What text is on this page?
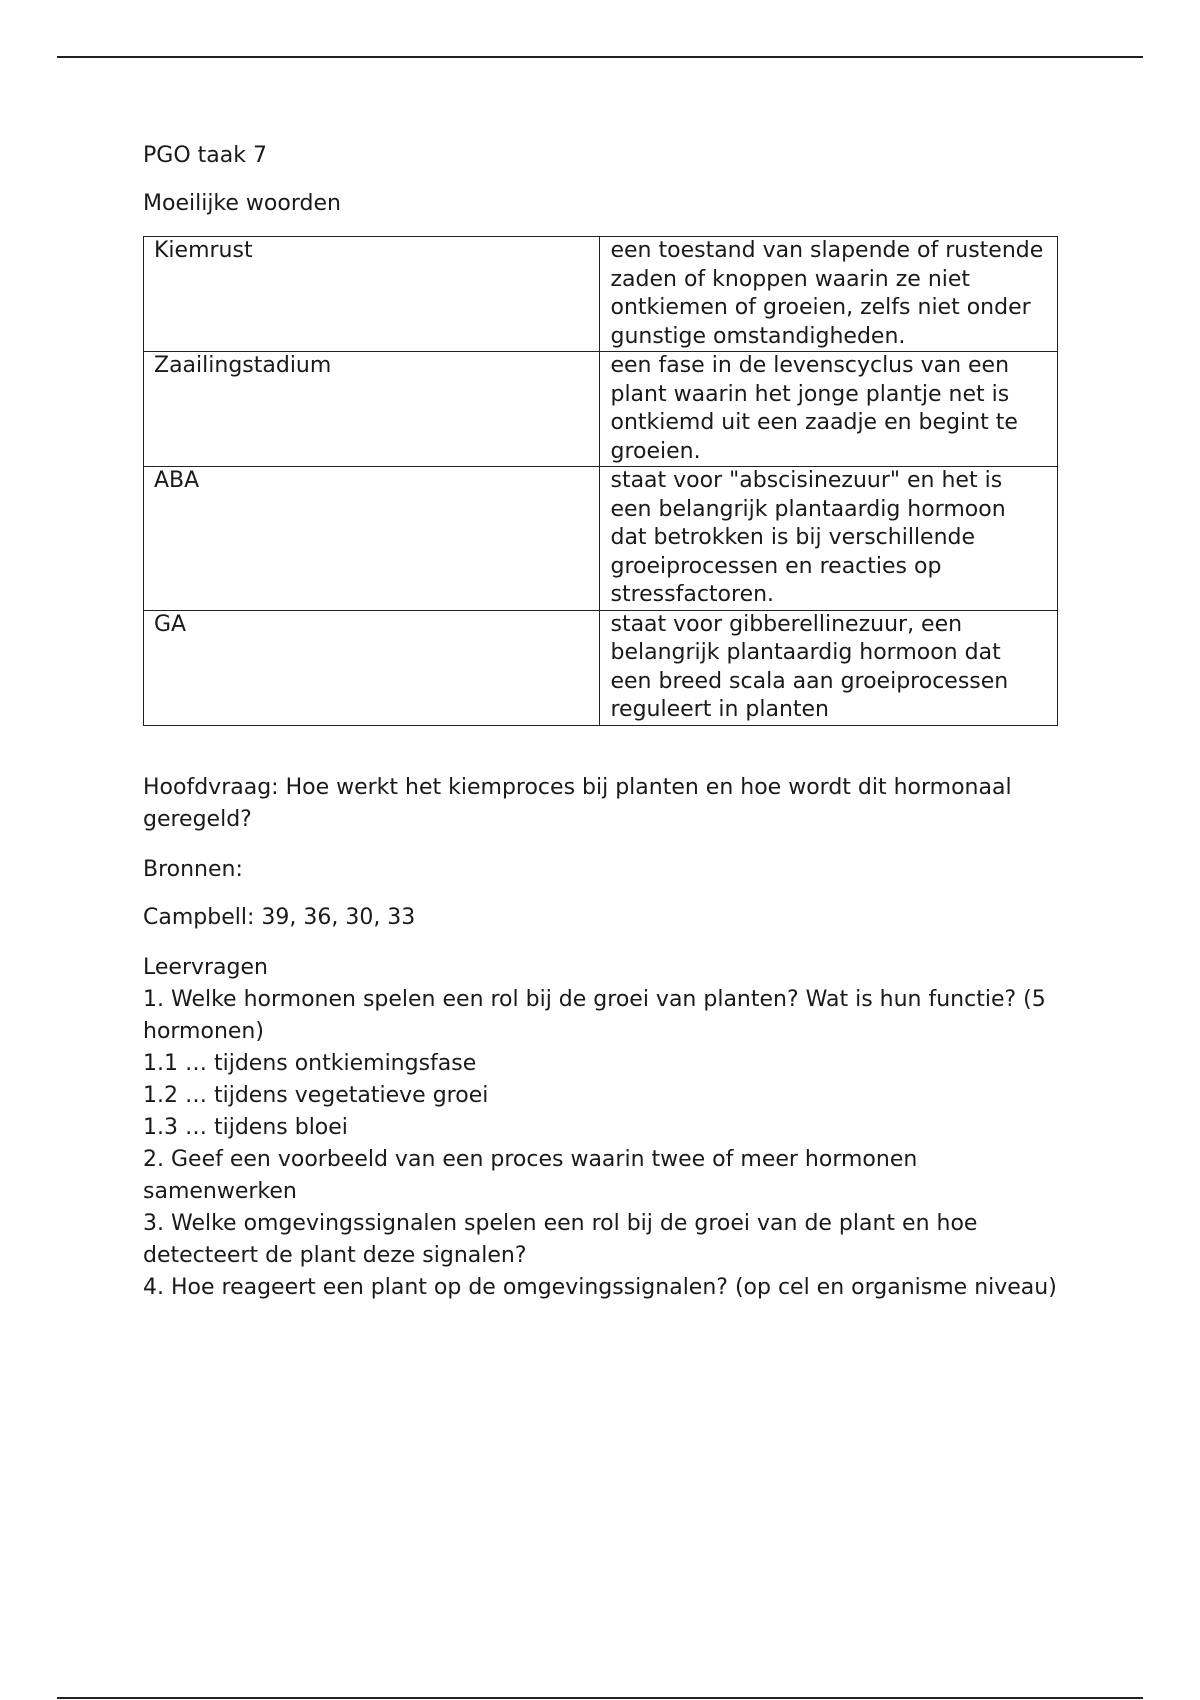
PGO taak 7

Moeilijke woorden

Kiemrust	een toestand van slapende of rustende zaden of knoppen waarin ze niet ontkiemen of groeien, zelfs niet onder gunstige omstandigheden.
Zaailingstadium	een fase in de levenscyclus van een plant waarin het jonge plantje net is ontkiemd uit een zaadje en begint te groeien.
ABA	staat voor "abscisinezuur" en het is een belangrijk plantaardig hormoon dat betrokken is bij verschillende groeiprocessen en reacties op stressfactoren.
GA	staat voor gibberellinezuur, een belangrijk plantaardig hormoon dat een breed scala aan groeiprocessen reguleert in planten

Hoofdvraag: Hoe werkt het kiemproces bij planten en hoe wordt dit hormonaal geregeld?

Bronnen:

Campbell: 39, 36, 30, 33

Leervragen

1. Welke hormonen spelen een rol bij de groei van planten? Wat is hun functie? (5 hormonen)

1.1 … tijdens ontkiemingsfase

1.2 … tijdens vegetatieve groei

1.3 … tijdens bloei

2. Geef een voorbeeld van een proces waarin twee of meer hormonen samenwerken

3. Welke omgevingssignalen spelen een rol bij de groei van de plant en hoe detecteert de plant deze signalen?

4. Hoe reageert een plant op de omgevingssignalen? (op cel en organisme niveau)
